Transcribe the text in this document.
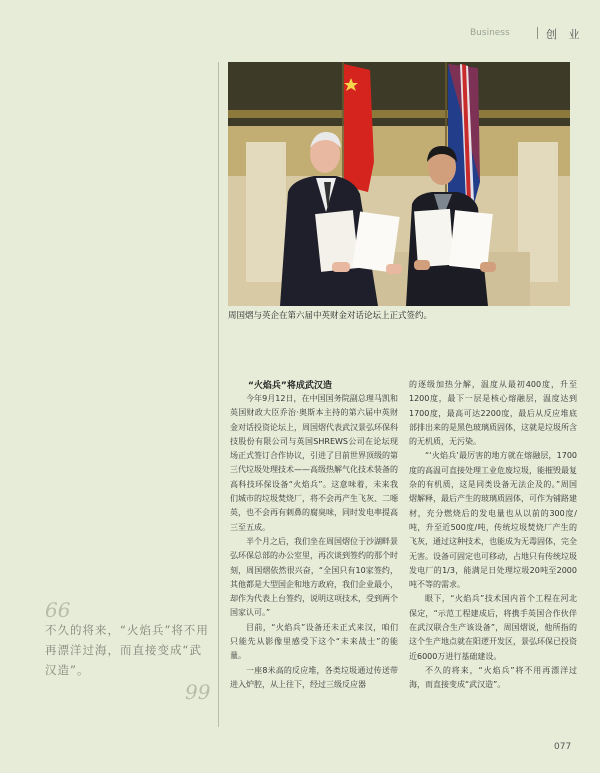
Business	创 业
周国熠与英企在第六届中英财金对话论坛上正式签约。
“火焰兵”将成武汉造

今年9月12日，在中国国务院副总理马凯和英国财政大臣乔治·奥斯本主持的第六届中英财金对话投资论坛上，周国熠代表武汉景弘环保科技股份有限公司与英国SHREWS公司在论坛现场正式签订合作协议，引进了目前世界顶级的第三代垃圾处理技术——高级热解气化技术装备的高科技环保设备“火焰兵”。这意味着，未来我们城市的垃圾焚烧厂，将不会再产生飞灰、二噁英，也不会再有刺鼻的腐臭味，同时发电率提高三至五成。

半个月之后，我们坐在周国熠位于沙湖畔景弘环保总部的办公室里，再次谈到签约的那个时刻，周国熠依然很兴奋，“全国只有10家签约，其他都是大型国企和地方政府，我们企业最小，却作为代表上台签约，说明这项技术，受到两个国家认可。”

目前，“火焰兵”设备还未正式来汉，咱们只能先从影像里感受下这个“未来战士”的能量。

一座8米高的反应堆，各类垃圾通过传送带进入炉腔，从上往下，经过三级反应器

的逐级加热分解，温度从最初400度，升至1200度，最下一层是核心熔融层，温度达到1700度，最高可达2200度，最后从反应堆底部排出来的是黑色玻璃质固体，这就是垃圾所含的无机质，无污染。

“‘火焰兵’最厉害的地方就在熔融层，1700度的高温可直接处理工业危废垃圾，能摧毁最复杂的有机质，这是同类设备无法企及的。”周国熠解释，最后产生的玻璃质固体，可作为铺路建材，充分燃烧后的发电量也从以前的300度/吨，升至近500度/吨，传统垃圾焚烧厂产生的飞灰，通过这种技术，也能成为无毒固体，完全无害。设备可固定也可移动，占地只有传统垃圾发电厂的1/3，能满足日处理垃圾20吨至2000吨不等的需求。

眼下，“火焰兵”技术国内首个工程在河北保定，“示范工程建成后，将携手英国合作伙伴在武汉联合生产该设备”，周国熠说，他所指的这个生产地点就在阳逻开发区，景弘环保已投资近6000万进行基础建设。

不久的将来，“火焰兵”将不用再漂洋过海，而直接变成“武汉造”。

66
不久的将来，“火焰兵”将不用再漂洋过海，而直接变成“武汉造”。
99
077
